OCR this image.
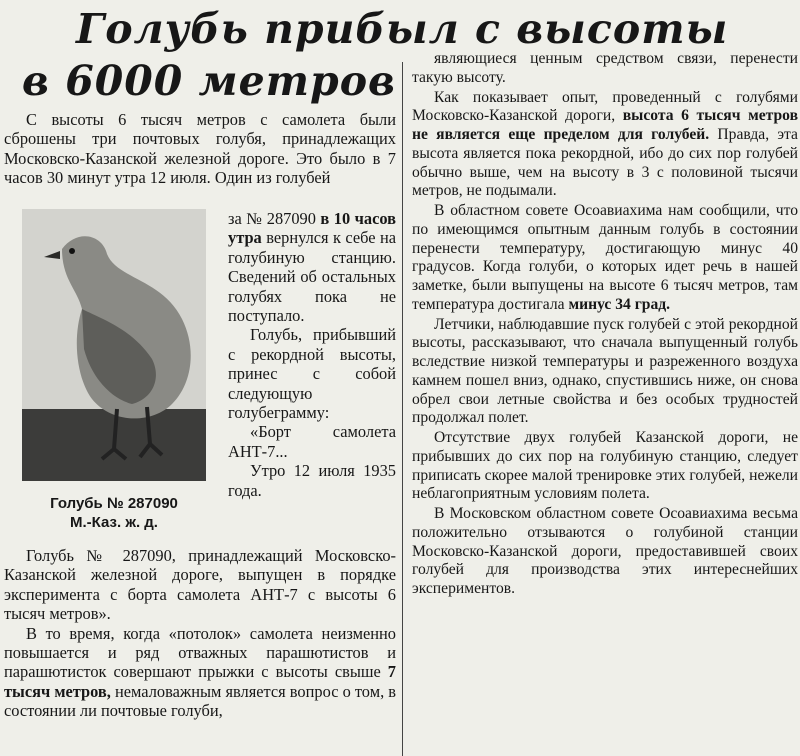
Голубь прибыл с высоты
в 6000 метров

С высоты 6 тысяч метров с самолета были сброшены три почтовых голубя, принадлежащих Московско-Казанской железной дороге. Это было в 7 часов 30 минут утра 12 июля. Один из голубей

за № 287090 в 10 часов утра вернулся к себе на голубиную станцию. Сведений об остальных голубях пока не поступало.

Голубь, прибывший с рекордной высоты, принес с собой следующую голубеграмму:

«Борт самолета АНТ-7...

Утро 12 июля 1935 года.

Голубь № 287090
М.-Каз. ж. д.

Голубь № 287090, принадлежащий Московско-Казанской железной дороге, выпущен в порядке эксперимента с борта самолета АНТ-7 с высоты 6 тысяч метров».

В то время, когда «потолок» самолета неизменно повышается и ряд отважных парашютистов и парашютисток совершают прыжки с высоты свыше 7 тысяч метров, немаловажным является вопрос о том, в состоянии ли почтовые голуби,

являющиеся ценным средством связи, перенести такую высоту.

Как показывает опыт, проведенный с голубями Московско-Казанской дороги, высота 6 тысяч метров не является еще пределом для голубей. Правда, эта высота является пока рекордной, ибо до сих пор голубей обычно выше, чем на высоту в 3 с половиной тысячи метров, не подымали.

В областном совете Осоавиахима нам сообщили, что по имеющимся опытным данным голубь в состоянии перенести температуру, достигающую минус 40 градусов. Когда голуби, о которых идет речь в нашей заметке, были выпущены на высоте 6 тысяч метров, там температура достигала минус 34 град.

Летчики, наблюдавшие пуск голубей с этой рекордной высоты, рассказывают, что сначала выпущенный голубь вследствие низкой температуры и разреженного воздуха камнем пошел вниз, однако, спустившись ниже, он снова обрел свои летные свойства и без особых трудностей продолжал полет.

Отсутствие двух голубей Казанской дороги, не прибывших до сих пор на голубиную станцию, следует приписать скорее малой тренировке этих голубей, нежели неблагоприятным условиям полета.

В Московском областном совете Осоавиахима весьма положительно отзываются о голубиной станции Московско-Казанской дороги, предоставившей своих голубей для производства этих интереснейших экспериментов.
